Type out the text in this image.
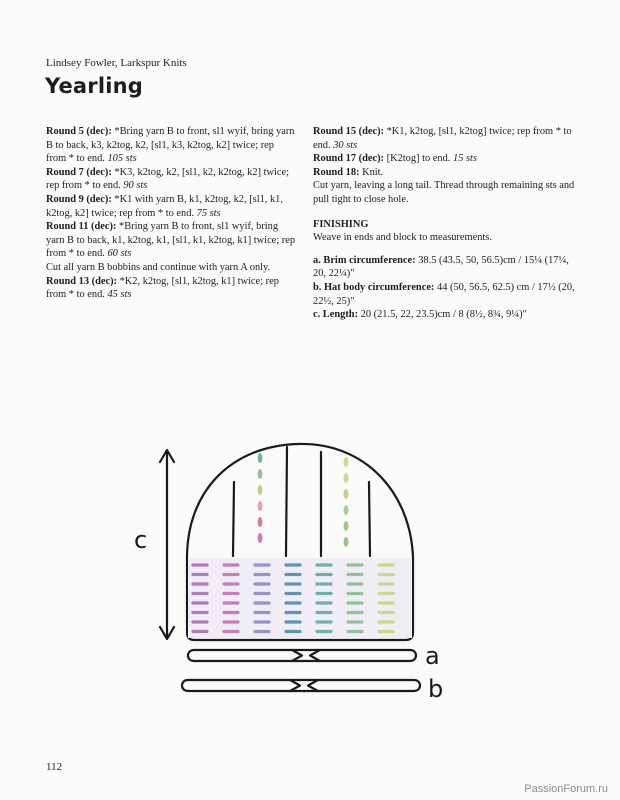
Lindsey Fowler, Larkspur Knits
Yearling

Round 5 (dec): *Bring yarn B to front, sl1 wyif, bring yarn B to back, k3, k2tog, k2, [sl1, k3, k2tog, k2] twice; rep from * to end. 105 sts

Round 7 (dec): *K3, k2tog, k2, [sl1, k2, k2tog, k2] twice; rep from * to end. 90 sts

Round 9 (dec): *K1 with yarn B, k1, k2tog, k2, [sl1, k1, k2tog, k2] twice; rep from * to end. 75 sts

Round 11 (dec): *Bring yarn B to front, sl1 wyif, bring yarn B to back, k1, k2tog, k1, [sl1, k1, k2tog, k1] twice; rep from * to end. 60 sts

Cut all yarn B bobbins and continue with yarn A only.

Round 13 (dec): *K2, k2tog, [sl1, k2tog, k1] twice; rep from * to end. 45 sts

Round 15 (dec): *K1, k2tog, [sl1, k2tog] twice; rep from * to end. 30 sts

Round 17 (dec): [K2tog] to end. 15 sts

Round 18: Knit.

Cut yarn, leaving a long tail. Thread through remaining sts and pull tight to close hole.

FINISHING

Weave in ends and block to measurements.

a. Brim circumference: 38.5 (43.5, 50, 56.5)cm / 15¼ (17¼, 20, 22¼)"

b. Hat body circumference: 44 (50, 56.5, 62.5) cm / 17½ (20, 22½, 25)"

c. Length: 20 (21.5, 22, 23.5)cm / 8 (8½, 8¾, 9¼)"

c
a
b
112
PassionForum.ru
